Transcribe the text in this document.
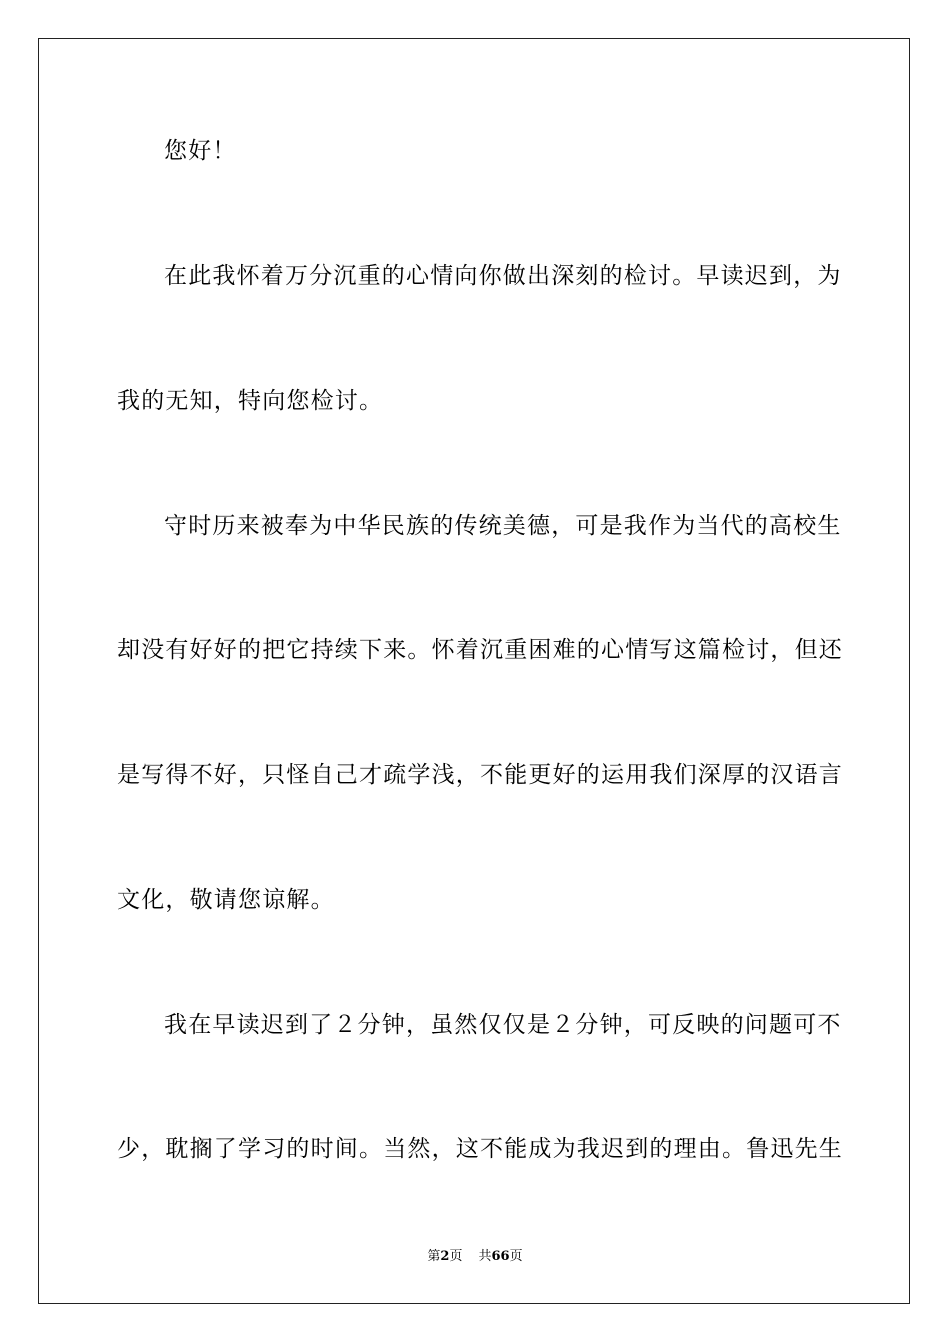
您好！
在此我怀着万分沉重的心情向你做出深刻的检讨。早读迟到，为
我的无知，特向您检讨。
守时历来被奉为中华民族的传统美德，可是我作为当代的高校生
却没有好好的把它持续下来。怀着沉重困难的心情写这篇检讨，但还
是写得不好，只怪自己才疏学浅，不能更好的运用我们深厚的汉语言
文化，敬请您谅解。
我在早读迟到了２分钟，虽然仅仅是２分钟，可反映的问题可不
少，耽搁了学习的时间。当然，这不能成为我迟到的理由。鲁迅先生
第2页 共66页
